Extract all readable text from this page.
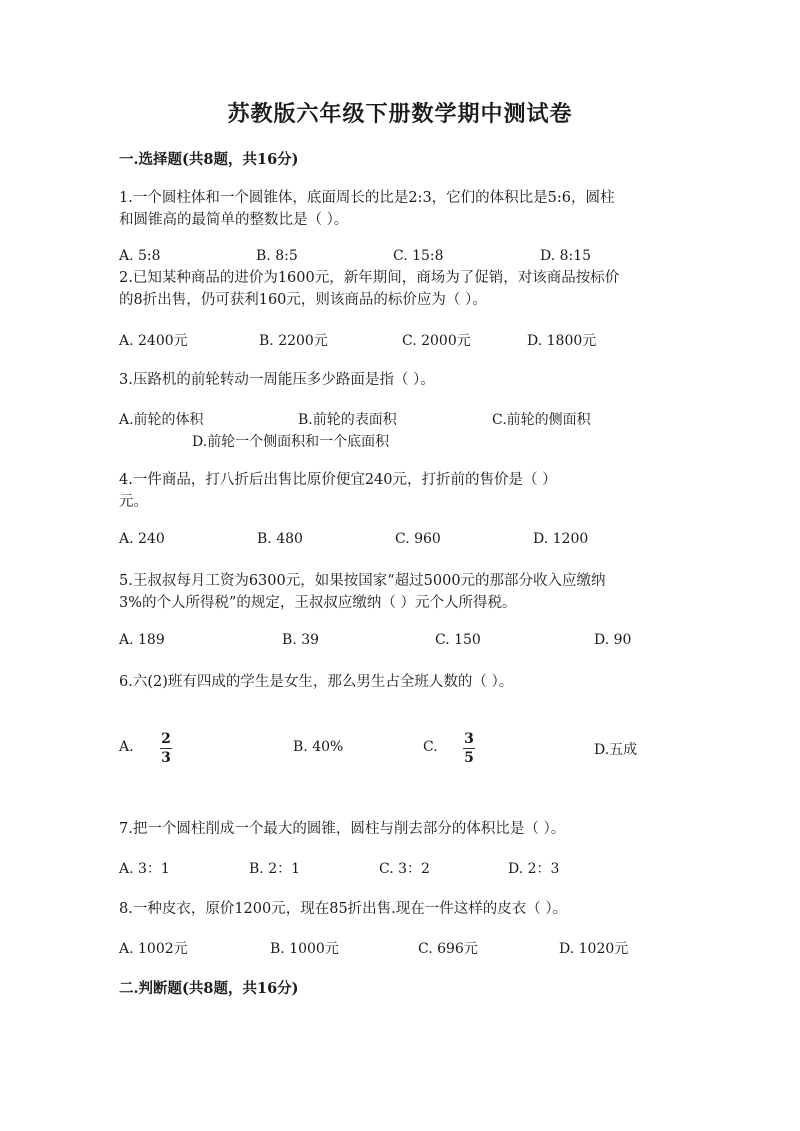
苏教版六年级下册数学期中测试卷
一.选择题(共8题，共16分)
1.一个圆柱体和一个圆锥体，底面周长的比是2:3，它们的体积比是5:6，圆柱
和圆锥高的最简单的整数比是（ ）。
A. 5:8	B. 8:5	C. 15:8	D. 8:15
2.已知某种商品的进价为1600元，新年期间，商场为了促销，对该商品按标价
的8折出售，仍可获利160元，则该商品的标价应为（ ）。
A. 2400元	B. 2200元	C. 2000元	D. 1800元
3.压路机的前轮转动一周能压多少路面是指（ ）。
A.前轮的体积	B.前轮的表面积	C.前轮的侧面积
D.前轮一个侧面积和一个底面积
4.一件商品，打八折后出售比原价便宜240元，打折前的售价是（ ）
元。
A. 240	B. 480	C. 960	D. 1200
5.王叔叔每月工资为6300元，如果按国家“超过5000元的那部分收入应缴纳
3%的个人所得税”的规定，王叔叔应缴纳（ ）元个人所得税。
A. 189	B. 39	C. 150	D. 90
6.六(2)班有四成的学生是女生，那么男生占全班人数的（ ）。
A. 2
3
B. 40%	C. 3
5	D.五成
7.把一个圆柱削成一个最大的圆锥，圆柱与削去部分的体积比是（ ）。
A. 3：1	B. 2：1	C. 3：2	D. 2：3
8.一种皮衣，原价1200元，现在85折出售.现在一件这样的皮衣（ ）。
A. 1002元	B. 1000元	C. 696元	D. 1020元
二.判断题(共8题，共16分)
